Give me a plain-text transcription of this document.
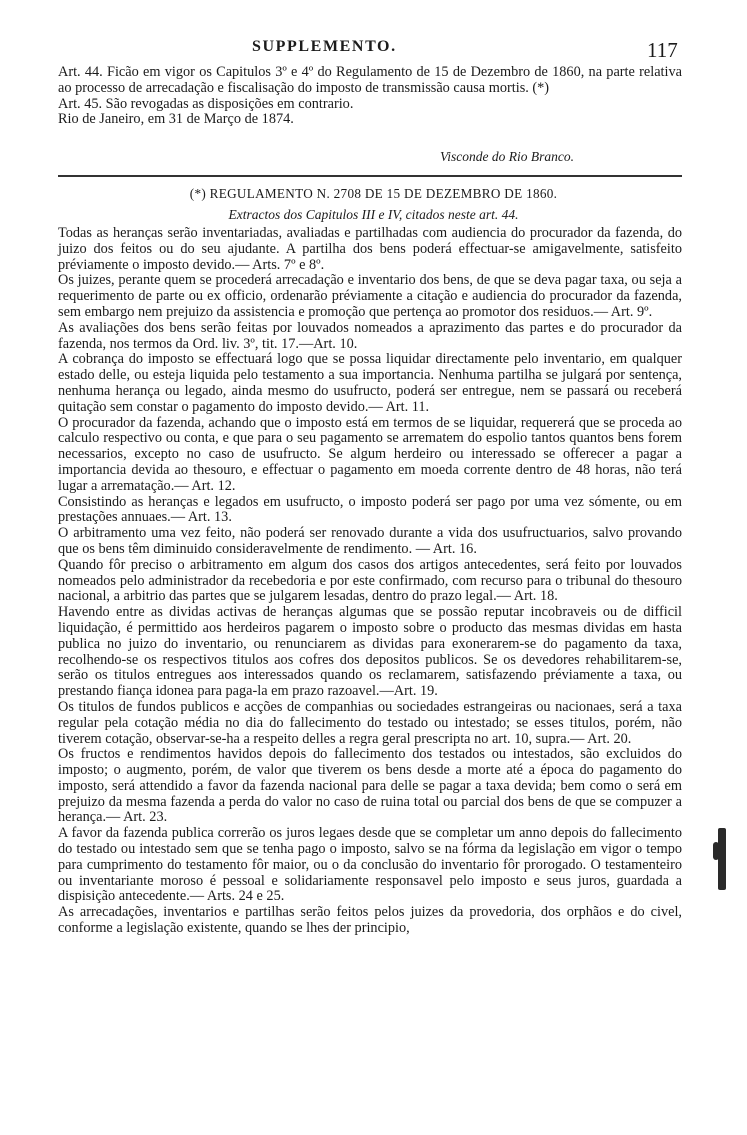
SUPPLEMENTO.	117

Art. 44. Ficão em vigor os Capitulos 3º e 4º do Regulamento de 15 de Dezembro de 1860, na parte relativa ao processo de arrecadação e fiscalisação do imposto de transmissão causa mortis. (*)

Art. 45. São revogadas as disposições em contrario.

Rio de Janeiro, em 31 de Março de 1874.

Visconde do Rio Branco.
(*) REGULAMENTO N. 2708 DE 15 DE DEZEMBRO DE 1860.
Extractos dos Capitulos III e IV, citados neste art. 44.

Todas as heranças serão inventariadas, avaliadas e partilhadas com audiencia do procurador da fazenda, do juizo dos feitos ou do seu ajudante. A partilha dos bens poderá effectuar-se amigavelmente, satisfeito préviamente o imposto devido.— Arts. 7º e 8º.

Os juizes, perante quem se procederá arrecadação e inventario dos bens, de que se deva pagar taxa, ou seja a requerimento de parte ou ex officio, ordenarão préviamente a citação e audiencia do procurador da fazenda, sem embargo nem prejuizo da assistencia e promoção que pertença ao promotor dos residuos.— Art. 9º.

As avaliações dos bens serão feitas por louvados nomeados a aprazimento das partes e do procurador da fazenda, nos termos da Ord. liv. 3º, tit. 17.—Art. 10.

A cobrança do imposto se effectuará logo que se possa liquidar directamente pelo inventario, em qualquer estado delle, ou esteja liquida pelo testamento a sua importancia. Nenhuma partilha se julgará por sentença, nenhuma herança ou legado, ainda mesmo do usufructo, poderá ser entregue, nem se passará ou receberá quitação sem constar o pagamento do imposto devido.— Art. 11.

O procurador da fazenda, achando que o imposto está em termos de se liquidar, requererá que se proceda ao calculo respectivo ou conta, e que para o seu pagamento se arrematem do espolio tantos quantos bens forem necessarios, excepto no caso de usufructo. Se algum herdeiro ou interessado se offerecer a pagar a importancia devida ao thesouro, e effectuar o pagamento em moeda corrente dentro de 48 horas, não terá lugar a arrematação.— Art. 12.

Consistindo as heranças e legados em usufructo, o imposto poderá ser pago por uma vez sómente, ou em prestações annuaes.— Art. 13.

O arbitramento uma vez feito, não poderá ser renovado durante a vida dos usufructuarios, salvo provando que os bens têm diminuido consideravelmente de rendimento. — Art. 16.

Quando fôr preciso o arbitramento em algum dos casos dos artigos antecedentes, será feito por louvados nomeados pelo administrador da recebedoria e por este confirmado, com recurso para o tribunal do thesouro nacional, a arbitrio das partes que se julgarem lesadas, dentro do prazo legal.— Art. 18.

Havendo entre as dividas activas de heranças algumas que se possão reputar incobraveis ou de difficil liquidação, é permittido aos herdeiros pagarem o imposto sobre o producto das mesmas dividas em hasta publica no juizo do inventario, ou renunciarem as dividas para exonerarem-se do pagamento da taxa, recolhendo-se os respectivos titulos aos cofres dos depositos publicos. Se os devedores rehabilitarem-se, serão os titulos entregues aos interessados quando os reclamarem, satisfazendo préviamente a taxa, ou prestando fiança idonea para paga-la em prazo razoavel.—Art. 19.

Os titulos de fundos publicos e acções de companhias ou sociedades estrangeiras ou nacionaes, será a taxa regular pela cotação média no dia do fallecimento do testado ou intestado; se esses titulos, porém, não tiverem cotação, observar-se-ha a respeito delles a regra geral prescripta no art. 10, supra.— Art. 20.

Os fructos e rendimentos havidos depois do fallecimento dos testados ou intestados, são excluidos do imposto; o augmento, porém, de valor que tiverem os bens desde a morte até a época do pagamento do imposto, será attendido a favor da fazenda nacional para delle se pagar a taxa devida; bem como o será em prejuizo da mesma fazenda a perda do valor no caso de ruina total ou parcial dos bens de que se compuzer a herança.— Art. 23.

A favor da fazenda publica correrão os juros legaes desde que se completar um anno depois do fallecimento do testado ou intestado sem que se tenha pago o imposto, salvo se na fórma da legislação em vigor o tempo para cumprimento do testamento fôr maior, ou o da conclusão do inventario fôr prorogado. O testamenteiro ou inventariante moroso é pessoal e solidariamente responsavel pelo imposto e seus juros, guardada a dispisição antecedente.— Arts. 24 e 25.

As arrecadações, inventarios e partilhas serão feitos pelos juizes da provedoria, dos orphãos e do civel, conforme a legislação existente, quando se lhes der principio,
